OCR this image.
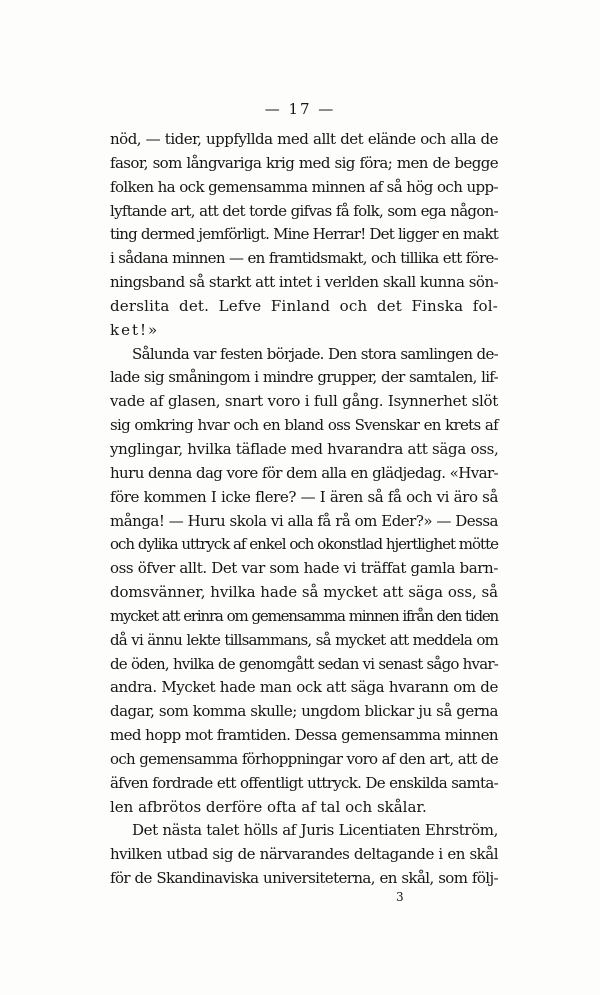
— 17 —
nöd, — tider, uppfyllda med allt det elände och alla de
fasor, som långvariga krig med sig föra; men de begge
folken ha ock gemensamma minnen af så hög och upp-
lyftande art, att det torde gifvas få folk, som ega någon-
ting dermed jemförligt. Mine Herrar! Det ligger en makt
i sådana minnen — en framtidsmakt, och tillika ett före-
ningsband så starkt att intet i verlden skall kunna sön-
derslita det. Lefve Finland och det Finska fol-
ket!»
Sålunda var festen började. Den stora samlingen de-
lade sig småningom i mindre grupper, der samtalen, lif-
vade af glasen, snart voro i full gång. Isynnerhet slöt
sig omkring hvar och en bland oss Svenskar en krets af
ynglingar, hvilka täflade med hvarandra att säga oss,
huru denna dag vore för dem alla en glädjedag. «Hvar-
före kommen I icke flere? — I ären så få och vi äro så
många! — Huru skola vi alla få rå om Eder?» — Dessa
och dylika uttryck af enkel och okonstlad hjertlighet mötte
oss öfver allt. Det var som hade vi träffat gamla barn-
domsvänner, hvilka hade så mycket att säga oss, så
mycket att erinra om gemensamma minnen ifrån den tiden
då vi ännu lekte tillsammans, så mycket att meddela om
de öden, hvilka de genomgått sedan vi senast sågo hvar-
andra. Mycket hade man ock att säga hvarann om de
dagar, som komma skulle; ungdom blickar ju så gerna
med hopp mot framtiden. Dessa gemensamma minnen
och gemensamma förhoppningar voro af den art, att de
äfven fordrade ett offentligt uttryck. De enskilda samta-
len afbrötos derföre ofta af tal och skålar.
Det nästa talet hölls af Juris Licentiaten Ehrström,
hvilken utbad sig de närvarandes deltagande i en skål
för de Skandinaviska universiteterna, en skål, som följ-
3
